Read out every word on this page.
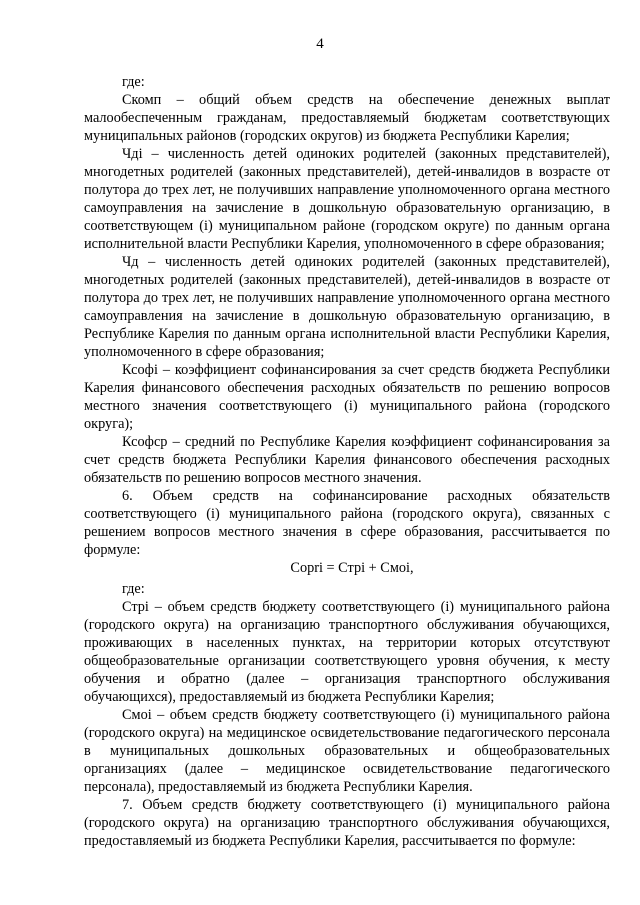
4

где:

Скомп – общий объем средств на обеспечение денежных выплат малообеспеченным гражданам, предоставляемый бюджетам соответствующих муниципальных районов (городских округов) из бюджета Республики Карелия;

Чдi – численность детей одиноких родителей (законных представителей), многодетных родителей (законных представителей), детей-инвалидов в возрасте от полутора до трех лет, не получивших направление уполномоченного органа местного самоуправления на зачисление в дошкольную образовательную организацию, в соответствующем (i) муниципальном районе (городском округе) по данным органа исполнительной власти Республики Карелия, уполномоченного в сфере образования;

Чд – численность детей одиноких родителей (законных представителей), многодетных родителей (законных представителей), детей-инвалидов в возрасте от полутора до трех лет, не получивших направление уполномоченного органа местного самоуправления на зачисление в дошкольную образовательную организацию, в Республике Карелия по данным органа исполнительной власти Республики Карелия, уполномоченного в сфере образования;

Ксофi – коэффициент софинансирования за счет средств бюджета Республики Карелия финансового обеспечения расходных обязательств по решению вопросов местного значения соответствующего (i) муниципального района (городского округа);

Ксофср – средний по Республике Карелия коэффициент софинансирования за счет средств бюджета Республики Карелия финансового обеспечения расходных обязательств по решению вопросов местного значения.

6. Объем средств на софинансирование расходных обязательств соответствующего (i) муниципального района (городского округа), связанных с решением вопросов местного значения в сфере образования, рассчитывается по формуле:

Сорri = Стрi + Смоi,

где:

Стрi – объем средств бюджету соответствующего (i) муниципального района (городского округа) на организацию транспортного обслуживания обучающихся, проживающих в населенных пунктах, на территории которых отсутствуют общеобразовательные организации соответствующего уровня обучения, к месту обучения и обратно (далее – организация транспортного обслуживания обучающихся), предоставляемый из бюджета Республики Карелия;

Смоi – объем средств бюджету соответствующего (i) муниципального района (городского округа) на медицинское освидетельствование педагогического персонала в муниципальных дошкольных образовательных и общеобразовательных организациях (далее – медицинское освидетельствование педагогического персонала), предоставляемый из бюджета Республики Карелия.

7. Объем средств бюджету соответствующего (i) муниципального района (городского округа) на организацию транспортного обслуживания обучающихся, предоставляемый из бюджета Республики Карелия, рассчитывается по формуле:
